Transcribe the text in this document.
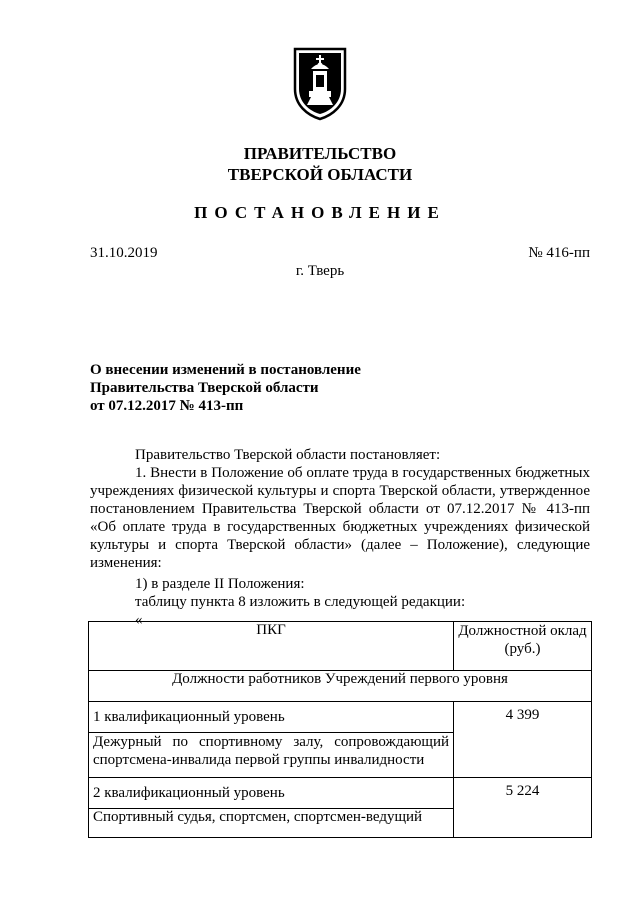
ПРАВИТЕЛЬСТВО
ТВЕРСКОЙ ОБЛАСТИ
ПОСТАНОВЛЕНИЕ
31.10.2019	№ 416-пп
г. Тверь
О внесении изменений в постановление
Правительства Тверской области
от 07.12.2017 № 413-пп
Правительство Тверской области постановляет:
1. Внести в Положение об оплате труда в государственных бюджетных учреждениях физической культуры и спорта Тверской области, утвержденное постановлением Правительства Тверской области от 07.12.2017 № 413-пп «Об оплате труда в государственных бюджетных учреждениях физической культуры и спорта Тверской области» (далее – Положение), следующие изменения:
1) в разделе II Положения:
таблицу пункта 8 изложить в следующей редакции:
«
ПКГ	Должностной оклад (руб.)
Должности работников Учреждений первого уровня	
1 квалификационный уровень	4 399
Дежурный по спортивному залу, сопровождающий спортсмена-инвалида первой группы инвалидности	
2 квалификационный уровень	5 224
Спортивный судья, спортсмен, спортсмен-ведущий	
